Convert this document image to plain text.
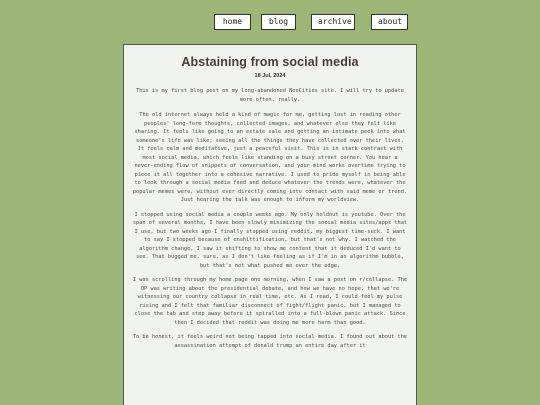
home	blog	archive	about
Abstaining from social media
18 Jul, 2024

This is my first blog post on my long-abandoned NeoCities site. I will try to update more often, really.

The old internet always held a kind of magic for me, getting lost in reading other peoples' long-form thoughts, collected images, and whatever else they felt like sharing. It feels like going to an estate sale and getting an intimate peek into what someone's life was like; seeing all the things they have collected over their lives. It feels calm and meditative, just a peaceful visit. This is in stark contrast with most social media, which feels like standing on a busy street corner. You hear a never-ending flow of snippets of conversation, and your mind works overtime trying to piece it all together into a cohesive narrative. I used to pride myself in being able to look through a social media feed and deduce whatever the trends were, whatever the popular memes were, without ever directly coming into contact with said meme or trend. Just hearing the talk was enough to inform my worldview.

I stopped using social media a couple weeks ago. My only holdout is youtube. Over the span of several months, I have been slowly minimizing the social media sites/apps that I use, but two weeks ago I finally stopped using reddit, my biggest time-suck. I want to say I stopped because of enshittification, but that's not why. I watched the algorithm change, I saw it shifting to show me content that it deduced I'd want to see. That bugged me, sure, as I don't like feeling as if I'm in an algorithm bubble, but that's not what pushed me over the edge.

I was scrolling through my home page one morning, when I saw a post on r/collapse. The OP was writing about the presidential debate, and how we have no hope, that we're witnessing our country collapse in real time, etc. As I read, I could feel my pulse rising and I felt that familiar disconnect of fight/flight panic, but I managed to close the tab and step away before it spiralled into a full-blown panic attack. Since then I decided that reddit was doing me more harm than good.

To be honest, it feels weird not being tapped into social media. I found out about the assassination attempt of donald trump an entire day after it
